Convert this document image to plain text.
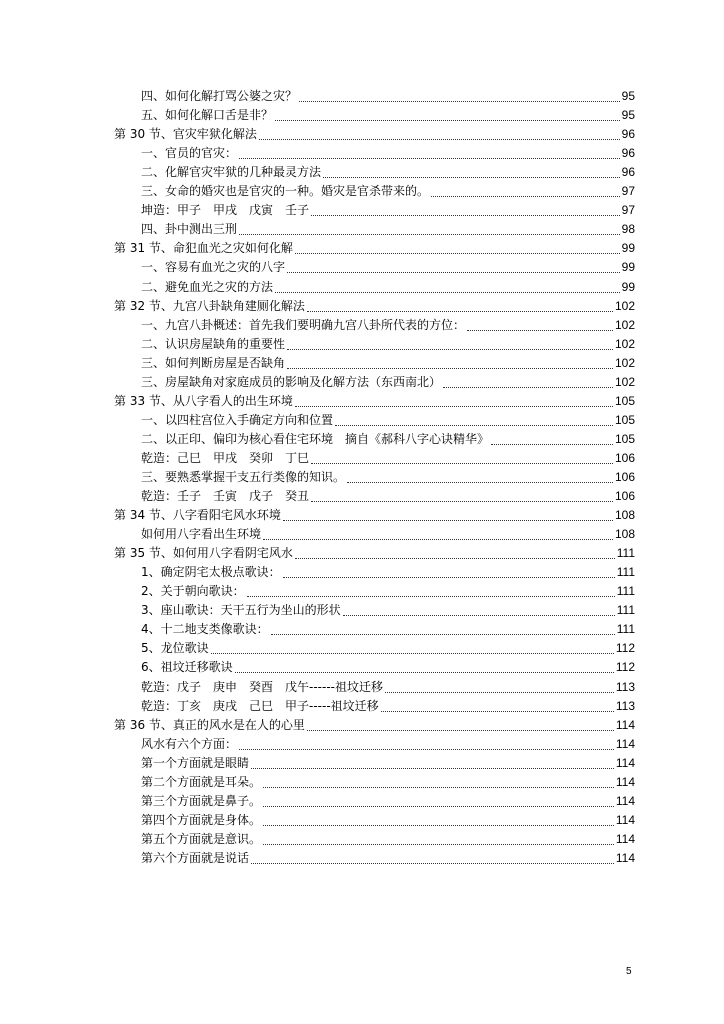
四、如何化解打骂公婆之灾？	95
五、如何化解口舌是非？	95
第 30 节、官灾牢狱化解法	96
一、官员的官灾：	96
二、化解官灾牢狱的几种最灵方法	96
三、女命的婚灾也是官灾的一种。婚灾是官杀带来的。	97
坤造：甲子　甲戌　戊寅　壬子	97
四、卦中测出三刑	98
第 31 节、命犯血光之灾如何化解	99
一、容易有血光之灾的八字	99
二、避免血光之灾的方法	99
第 32 节、九宫八卦缺角建厕化解法	102
一、九宫八卦概述：首先我们要明确九宫八卦所代表的方位：	102
二、认识房屋缺角的重要性	102
三、如何判断房屋是否缺角	102
三、房屋缺角对家庭成员的影响及化解方法（东西南北）	102
第 33 节、从八字看人的出生环境	105
一、以四柱宫位入手确定方向和位置	105
二、以正印、偏印为核心看住宅环境　摘自《郝科八字心诀精华》	105
乾造：己巳　甲戌　癸卯　丁巳	106
三、要熟悉掌握干支五行类像的知识。	106
乾造：壬子　壬寅　戊子　癸丑	106
第 34 节、八字看阳宅风水环境	108
如何用八字看出生环境	108
第 35 节、如何用八字看阴宅风水	111
1、确定阴宅太极点歌诀：	111
2、关于朝向歌诀：	111
3、座山歌诀：天干五行为坐山的形状	111
4、十二地支类像歌诀：	111
5、龙位歌诀	112
6、祖坟迁移歌诀	112
乾造：戊子　庚申　癸酉　戊午------祖坟迁移	113
乾造：丁亥　庚戌　己巳　甲子-----祖坟迁移	113
第 36 节、真正的风水是在人的心里	114
风水有六个方面：	114
第一个方面就是眼睛	114
第二个方面就是耳朵。	114
第三个方面就是鼻子。	114
第四个方面就是身体。	114
第五个方面就是意识。	114
第六个方面就是说话	114
5
